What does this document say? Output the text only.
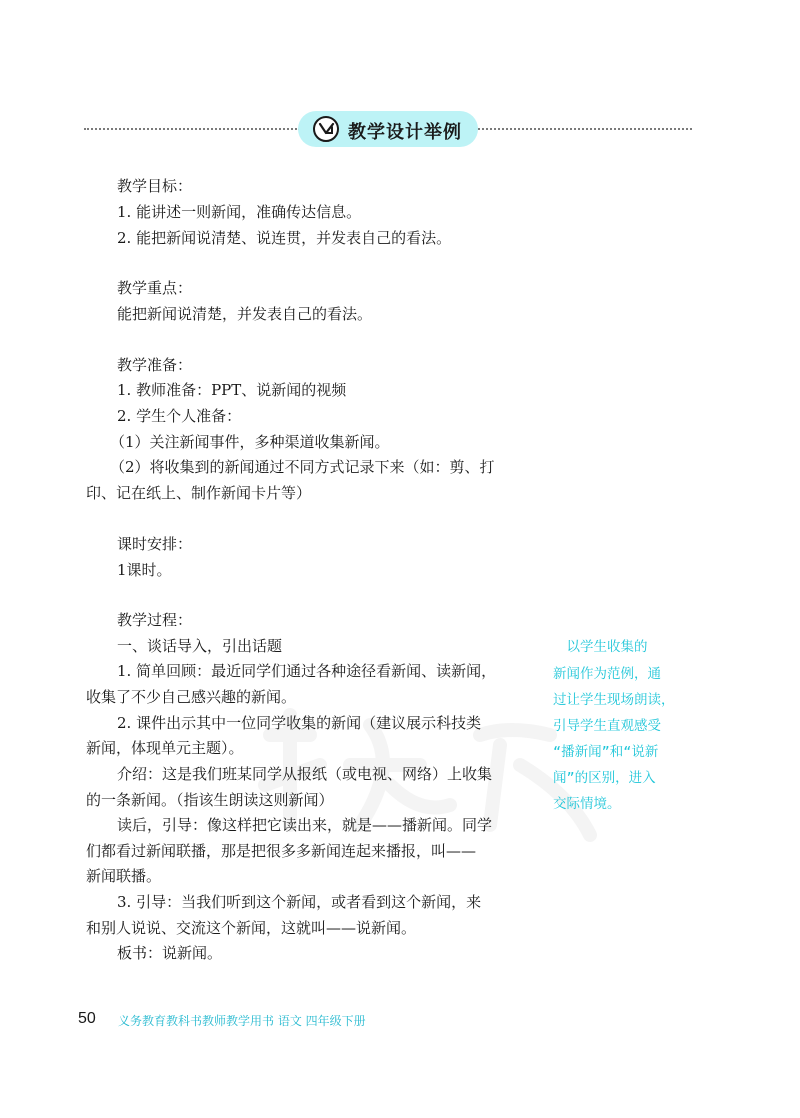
教学设计举例
教学目标：
1. 能讲述一则新闻，准确传达信息。
2. 能把新闻说清楚、说连贯，并发表自己的看法。
教学重点：
能把新闻说清楚，并发表自己的看法。
教学准备：
1. 教师准备：PPT、说新闻的视频
2. 学生个人准备：
（1）关注新闻事件，多种渠道收集新闻。
（2）将收集到的新闻通过不同方式记录下来（如：剪、打
印、记在纸上、制作新闻卡片等）
课时安排：
1课时。
教学过程：
一、谈话导入，引出话题
1. 简单回顾：最近同学们通过各种途径看新闻、读新闻，
收集了不少自己感兴趣的新闻。
2. 课件出示其中一位同学收集的新闻（建议展示科技类
新闻，体现单元主题）。
介绍：这是我们班某同学从报纸（或电视、网络）上收集
的一条新闻。（指该生朗读这则新闻）
读后，引导：像这样把它读出来，就是——播新闻。同学
们都看过新闻联播，那是把很多多新闻连起来播报，叫——
新闻联播。
3. 引导：当我们听到这个新闻，或者看到这个新闻，来
和别人说说、交流这个新闻，这就叫——说新闻。
板书：说新闻。
　以学生收集的
新闻作为范例，通
过让学生现场朗读，
引导学生直观感受
“播新闻”和“说新
闻”的区别，进入
交际情境。
50 义务教育教科书教师教学用书 语文 四年级下册
